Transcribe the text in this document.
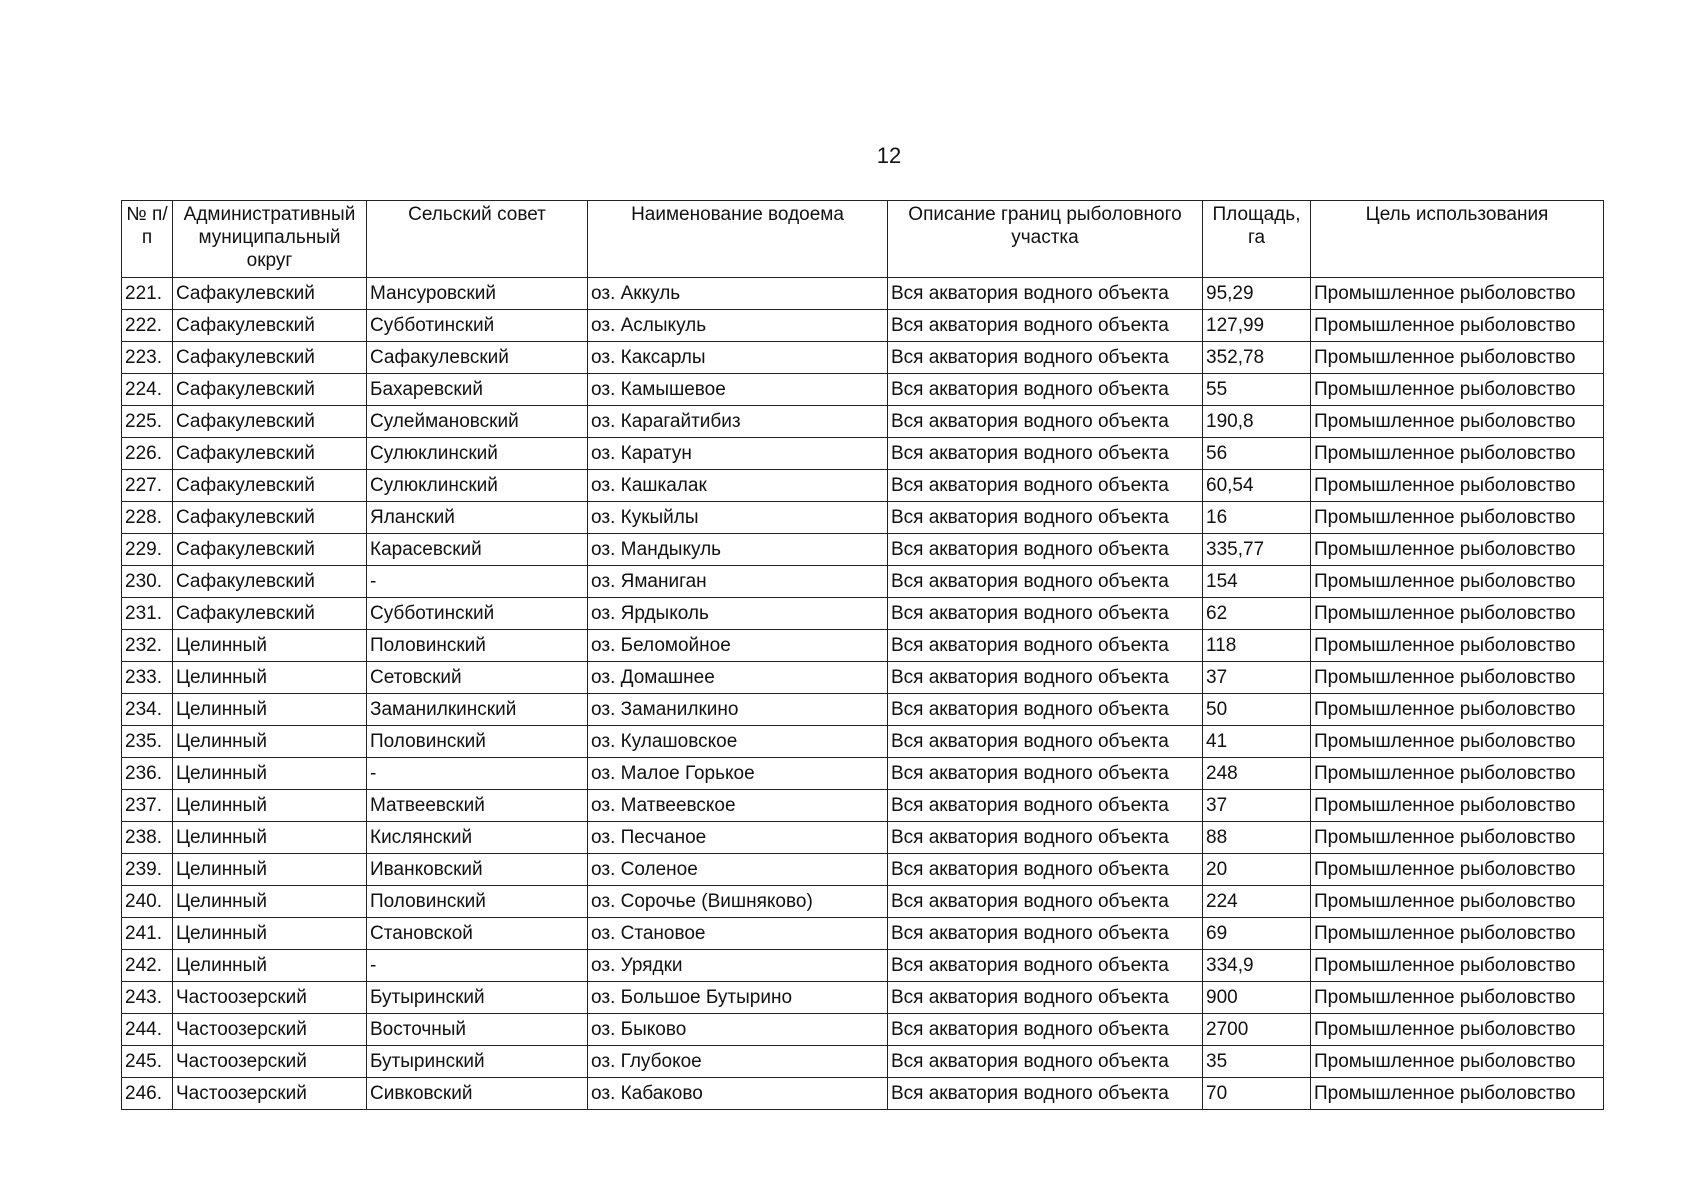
12
№ п/п	Административный муниципальный округ	Сельский совет	Наименование водоема	Описание границ рыболовного участка	Площадь, га	Цель использования
221.	Сафакулевский	Мансуровский	оз. Аккуль	Вся акватория водного объекта	95,29	Промышленное рыболовство
222.	Сафакулевский	Субботинский	оз. Аслыкуль	Вся акватория водного объекта	127,99	Промышленное рыболовство
223.	Сафакулевский	Сафакулевский	оз. Каксарлы	Вся акватория водного объекта	352,78	Промышленное рыболовство
224.	Сафакулевский	Бахаревский	оз. Камышевое	Вся акватория водного объекта	55	Промышленное рыболовство
225.	Сафакулевский	Сулеймановский	оз. Карагайтибиз	Вся акватория водного объекта	190,8	Промышленное рыболовство
226.	Сафакулевский	Сулюклинский	оз. Каратун	Вся акватория водного объекта	56	Промышленное рыболовство
227.	Сафакулевский	Сулюклинский	оз. Кашкалак	Вся акватория водного объекта	60,54	Промышленное рыболовство
228.	Сафакулевский	Яланский	оз. Кукыйлы	Вся акватория водного объекта	16	Промышленное рыболовство
229.	Сафакулевский	Карасевский	оз. Мандыкуль	Вся акватория водного объекта	335,77	Промышленное рыболовство
230.	Сафакулевский	-	оз. Яманиган	Вся акватория водного объекта	154	Промышленное рыболовство
231.	Сафакулевский	Субботинский	оз. Ярдыколь	Вся акватория водного объекта	62	Промышленное рыболовство
232.	Целинный	Половинский	оз. Беломойное	Вся акватория водного объекта	118	Промышленное рыболовство
233.	Целинный	Сетовский	оз. Домашнее	Вся акватория водного объекта	37	Промышленное рыболовство
234.	Целинный	Заманилкинский	оз. Заманилкино	Вся акватория водного объекта	50	Промышленное рыболовство
235.	Целинный	Половинский	оз. Кулашовское	Вся акватория водного объекта	41	Промышленное рыболовство
236.	Целинный	-	оз. Малое Горькое	Вся акватория водного объекта	248	Промышленное рыболовство
237.	Целинный	Матвеевский	оз. Матвеевское	Вся акватория водного объекта	37	Промышленное рыболовство
238.	Целинный	Кислянский	оз. Песчаное	Вся акватория водного объекта	88	Промышленное рыболовство
239.	Целинный	Иванковский	оз. Соленое	Вся акватория водного объекта	20	Промышленное рыболовство
240.	Целинный	Половинский	оз. Сорочье (Вишняково)	Вся акватория водного объекта	224	Промышленное рыболовство
241.	Целинный	Становской	оз. Становое	Вся акватория водного объекта	69	Промышленное рыболовство
242.	Целинный	-	оз. Урядки	Вся акватория водного объекта	334,9	Промышленное рыболовство
243.	Частоозерский	Бутыринский	оз. Большое Бутырино	Вся акватория водного объекта	900	Промышленное рыболовство
244.	Частоозерский	Восточный	оз. Быково	Вся акватория водного объекта	2700	Промышленное рыболовство
245.	Частоозерский	Бутыринский	оз. Глубокое	Вся акватория водного объекта	35	Промышленное рыболовство
246.	Частоозерский	Сивковский	оз. Кабаково	Вся акватория водного объекта	70	Промышленное рыболовство
